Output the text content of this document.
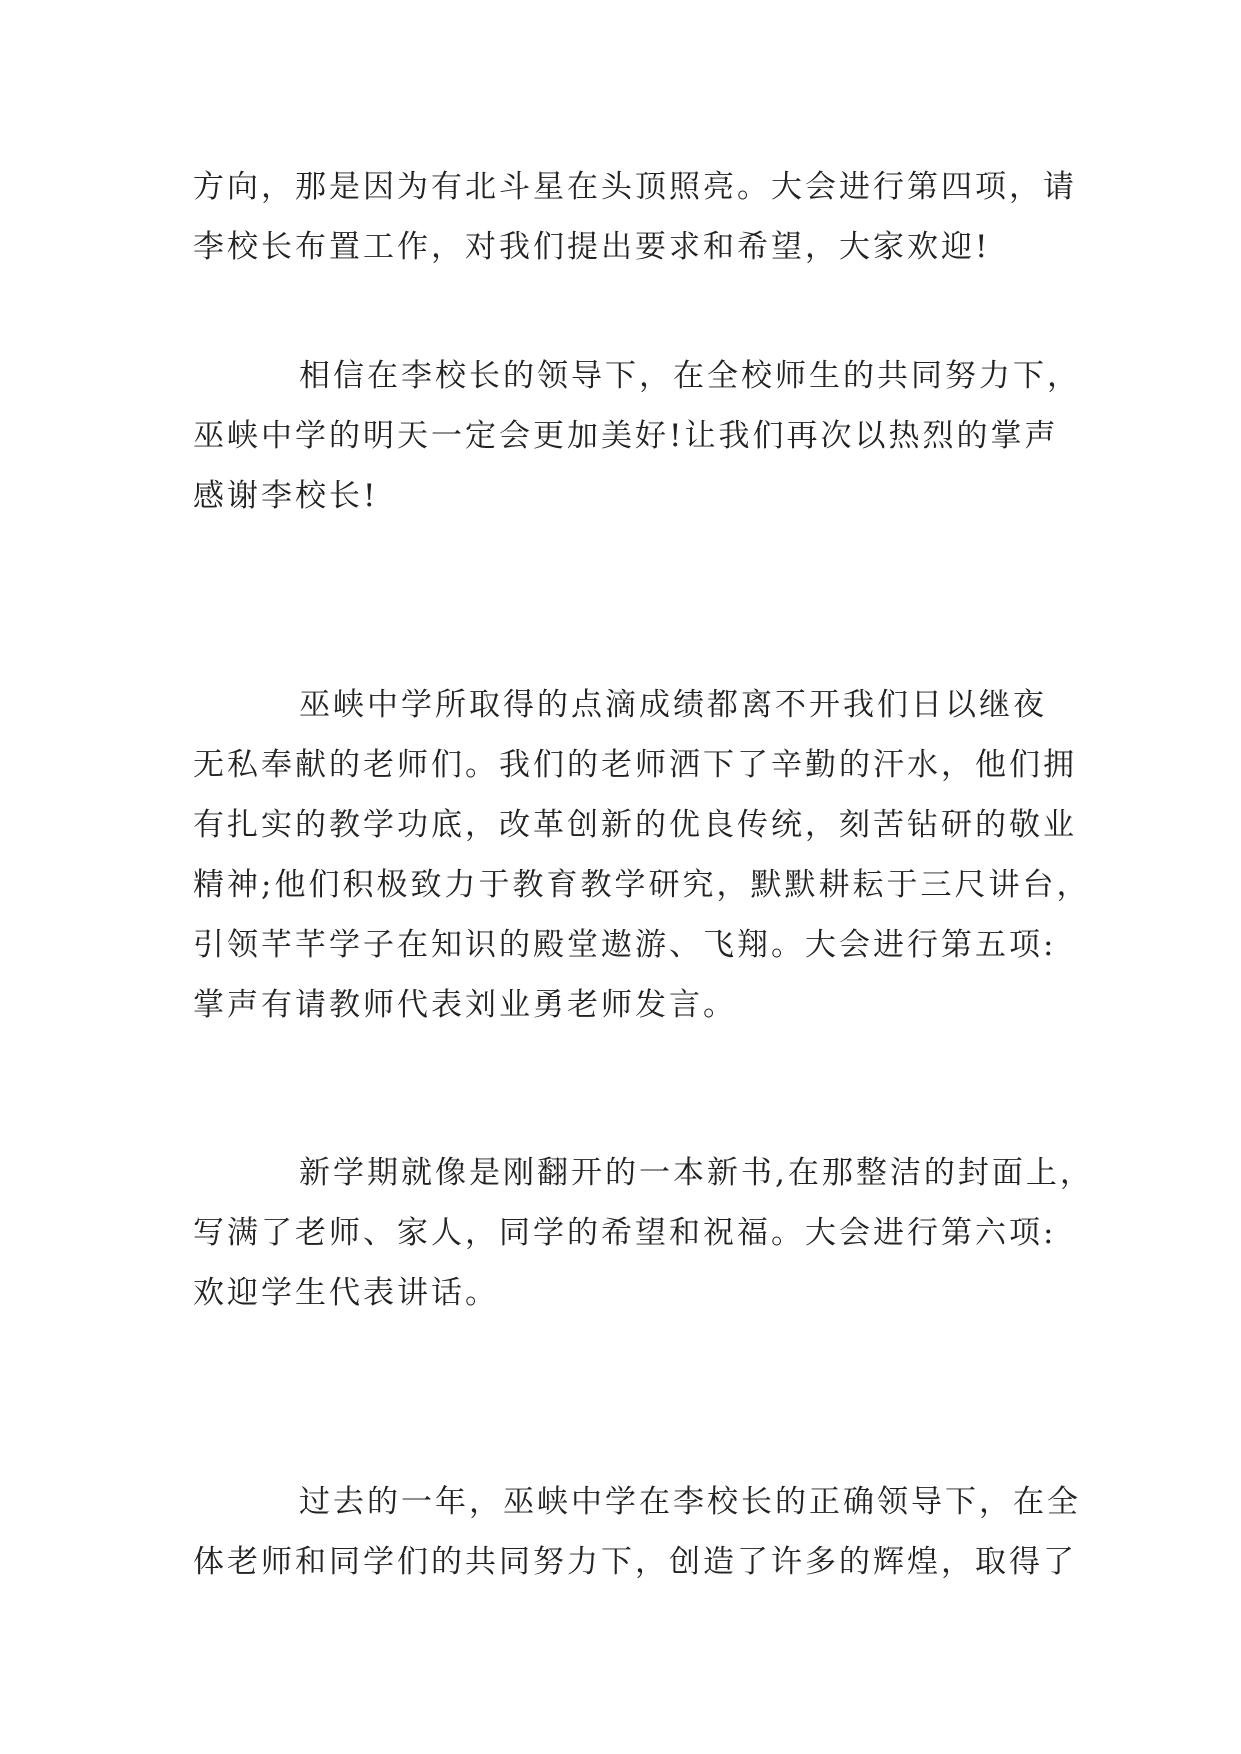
方向，那是因为有北斗星在头顶照亮。大会进行第四项，请
李校长布置工作，对我们提出要求和希望，大家欢迎!

相信在李校长的领导下，在全校师生的共同努力下，
巫峡中学的明天一定会更加美好!让我们再次以热烈的掌声
感谢李校长!

巫峡中学所取得的点滴成绩都离不开我们日以继夜
无私奉献的老师们。我们的老师洒下了辛勤的汗水，他们拥
有扎实的教学功底，改革创新的优良传统，刻苦钻研的敬业
精神;他们积极致力于教育教学研究，默默耕耘于三尺讲台，
引领芊芊学子在知识的殿堂遨游、飞翔。大会进行第五项:
掌声有请教师代表刘业勇老师发言。

新学期就像是刚翻开的一本新书,在那整洁的封面上，
写满了老师、家人，同学的希望和祝福。大会进行第六项:
欢迎学生代表讲话。

过去的一年，巫峡中学在李校长的正确领导下，在全
体老师和同学们的共同努力下，创造了许多的辉煌，取得了
